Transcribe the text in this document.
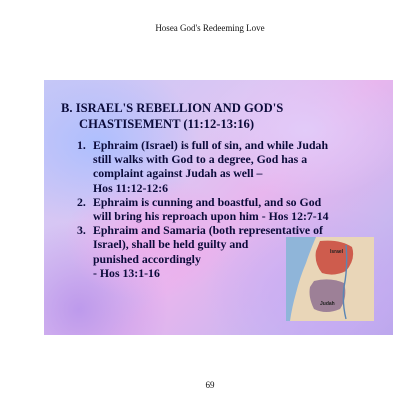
Hosea God's Redeeming Love
B. ISRAEL'S REBELLION AND GOD'S
CHASTISEMENT (11:12-13:16)
1. Ephraim (Israel) is full of sin, and while Judah
still walks with God to a degree, God has a
complaint against Judah as well –
Hos 11:12-12:6
2. Ephraim is cunning and boastful, and so God
will bring his reproach upon him - Hos 12:7-14
3. Ephraim and Samaria (both representative of
Israel), shall be held guilty and
punished accordingly
- Hos 13:1-16
Israel
Judah
69
